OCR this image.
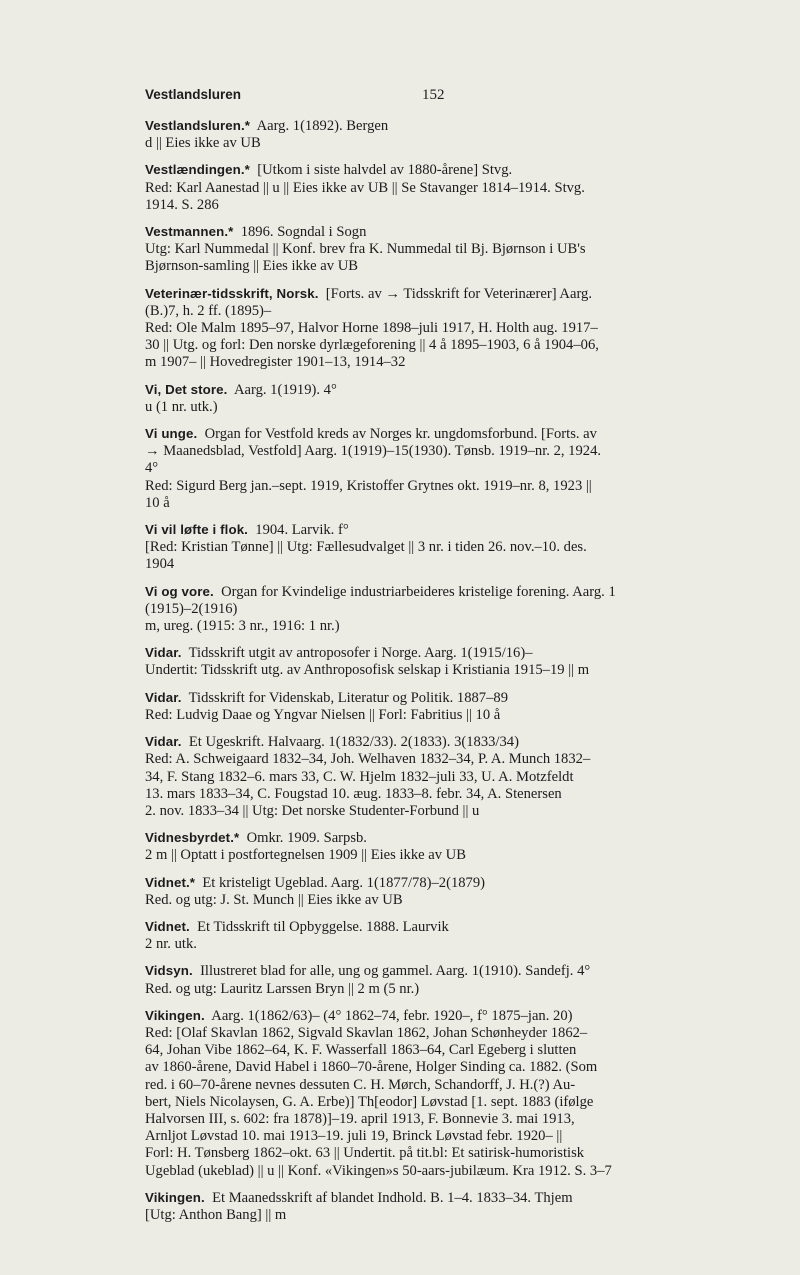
Vestlandsluren	152
Vestlandsluren.* Aarg. 1(1892). Bergen
d || Eies ikke av UB
Vestlændingen.* [Utkom i siste halvdel av 1880-årene] Stvg.
Red: Karl Aanestad || u || Eies ikke av UB || Se Stavanger 1814–1914. Stvg.
1914. S. 286
Vestmannen.* 1896. Sogndal i Sogn
Utg: Karl Nummedal || Konf. brev fra K. Nummedal til Bj. Bjørnson i UB's
Bjørnson-samling || Eies ikke av UB
Veterinær-tidsskrift, Norsk. [Forts. av → Tidsskrift for Veterinærer] Aarg.
(B.)7, h. 2 ff. (1895)–
Red: Ole Malm 1895–97, Halvor Horne 1898–juli 1917, H. Holth aug. 1917–
30 || Utg. og forl: Den norske dyrlægeforening || 4 å 1895–1903, 6 å 1904–06,
m 1907– || Hovedregister 1901–13, 1914–32
Vi, Det store. Aarg. 1(1919). 4°
u (1 nr. utk.)
Vi unge. Organ for Vestfold kreds av Norges kr. ungdomsforbund. [Forts. av
→ Maanedsblad, Vestfold] Aarg. 1(1919)–15(1930). Tønsb. 1919–nr. 2, 1924.
4°
Red: Sigurd Berg jan.–sept. 1919, Kristoffer Grytnes okt. 1919–nr. 8, 1923 ||
10 å
Vi vil løfte i flok. 1904. Larvik. f°
[Red: Kristian Tønne] || Utg: Fællesudvalget || 3 nr. i tiden 26. nov.–10. des.
1904
Vi og vore. Organ for Kvindelige industriarbeideres kristelige forening. Aarg. 1
(1915)–2(1916)
m, ureg. (1915: 3 nr., 1916: 1 nr.)
Vidar. Tidsskrift utgit av antroposofer i Norge. Aarg. 1(1915/16)–
Undertit: Tidsskrift utg. av Anthroposofisk selskap i Kristiania 1915–19 || m
Vidar. Tidsskrift for Videnskab, Literatur og Politik. 1887–89
Red: Ludvig Daae og Yngvar Nielsen || Forl: Fabritius || 10 å
Vidar. Et Ugeskrift. Halvaarg. 1(1832/33). 2(1833). 3(1833/34)
Red: A. Schweigaard 1832–34, Joh. Welhaven 1832–34, P. A. Munch 1832–
34, F. Stang 1832–6. mars 33, C. W. Hjelm 1832–juli 33, U. A. Motzfeldt
13. mars 1833–34, C. Fougstad 10. æug. 1833–8. febr. 34, A. Stenersen
2. nov. 1833–34 || Utg: Det norske Studenter-Forbund || u
Vidnesbyrdet.* Omkr. 1909. Sarpsb.
2 m || Optatt i postfortegnelsen 1909 || Eies ikke av UB
Vidnet.* Et kristeligt Ugeblad. Aarg. 1(1877/78)–2(1879)
Red. og utg: J. St. Munch || Eies ikke av UB
Vidnet. Et Tidsskrift til Opbyggelse. 1888. Laurvik
2 nr. utk.
Vidsyn. Illustreret blad for alle, ung og gammel. Aarg. 1(1910). Sandefj. 4°
Red. og utg: Lauritz Larssen Bryn || 2 m (5 nr.)
Vikingen. Aarg. 1(1862/63)– (4° 1862–74, febr. 1920–, f° 1875–jan. 20)
Red: [Olaf Skavlan 1862, Sigvald Skavlan 1862, Johan Schønheyder 1862–
64, Johan Vibe 1862–64, K. F. Wasserfall 1863–64, Carl Egeberg i slutten
av 1860-årene, David Habel i 1860–70-årene, Holger Sinding ca. 1882. (Som
red. i 60–70-årene nevnes dessuten C. H. Mørch, Schandorff, J. H.(?) Au-
bert, Niels Nicolaysen, G. A. Erbe)] Th[eodor] Løvstad [1. sept. 1883 (ifølge
Halvorsen III, s. 602: fra 1878)]–19. april 1913, F. Bonnevie 3. mai 1913,
Arnljot Løvstad 10. mai 1913–19. juli 19, Brinck Løvstad febr. 1920– ||
Forl: H. Tønsberg 1862–okt. 63 || Undertit. på tit.bl: Et satirisk-humoristisk
Ugeblad (ukeblad) || u || Konf. «Vikingen»s 50-aars-jubilæum. Kra 1912. S. 3–7
Vikingen. Et Maanedsskrift af blandet Indhold. B. 1–4. 1833–34. Thjem
[Utg: Anthon Bang] || m
